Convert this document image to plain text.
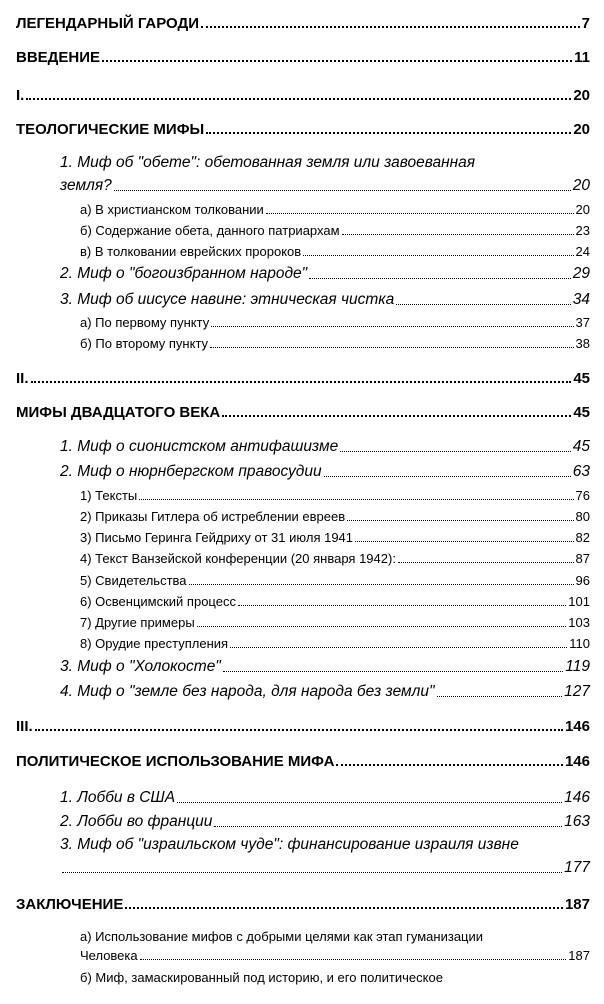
ЛЕГЕНДАРНЫЙ ГАРОДИ	7
ВВЕДЕНИЕ	11
I.	20
ТЕОЛОГИЧЕСКИЕ МИФЫ	20
1. Миф об "обете": обетованная земля или завоеванная
земля?	20
а) В христианском толковании	20
б) Содержание обета, данного патриархам	23
в) В толковании еврейских пророков	24
2. Миф о "богоизбранном народе"	29
3. Миф об иисусе навине: этническая чистка	34
а) По первому пункту	37
б) По второму пункту	38
II.	45
МИФЫ ДВАДЦАТОГО ВЕКА	45
1. Миф о сионистском антифашизме	45
2. Миф о нюрнбергском правосудии	63
1) Тексты	76
2) Приказы Гитлера об истреблении евреев	80
3) Письмо Геринга Гейдриху от 31 июля 1941	82
4) Текст Ванзейской конференции (20 января 1942):	87
5) Свидетельства	96
6) Освенцимский процесс	101
7) Другие примеры	103
8) Орудие преступления	110
3. Миф о "Холокосте"	119
4. Миф о "земле без народа, для народа без земли"	127
III.	146
ПОЛИТИЧЕСКОЕ ИСПОЛЬЗОВАНИЕ МИФА	146
1. Лобби в США	146
2. Лобби во франции	163
3. Миф об "израильском чуде": финансирование израиля извне
177
ЗАКЛЮЧЕНИЕ	187
а) Использование мифов с добрыми целями как этап гуманизации
Человека	187
б) Миф, замаскированный под историю, и его политическое
